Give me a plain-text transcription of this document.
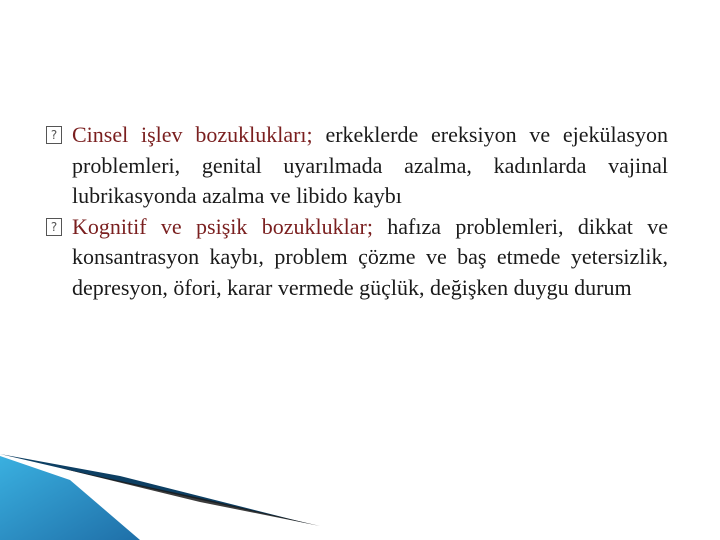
? Cinsel işlev bozuklukları; erkeklerde ereksiyon ve ejekülasyon problemleri, genital uyarılmada azalma, kadınlarda vajinal lubrikasyonda azalma ve libido kaybı

? Kognitif ve psişik bozukluklar; hafıza problemleri, dikkat ve konsantrasyon kaybı, problem çözme ve baş etmede yetersizlik, depresyon, öfori, karar vermede güçlük, değişken duygu durum
